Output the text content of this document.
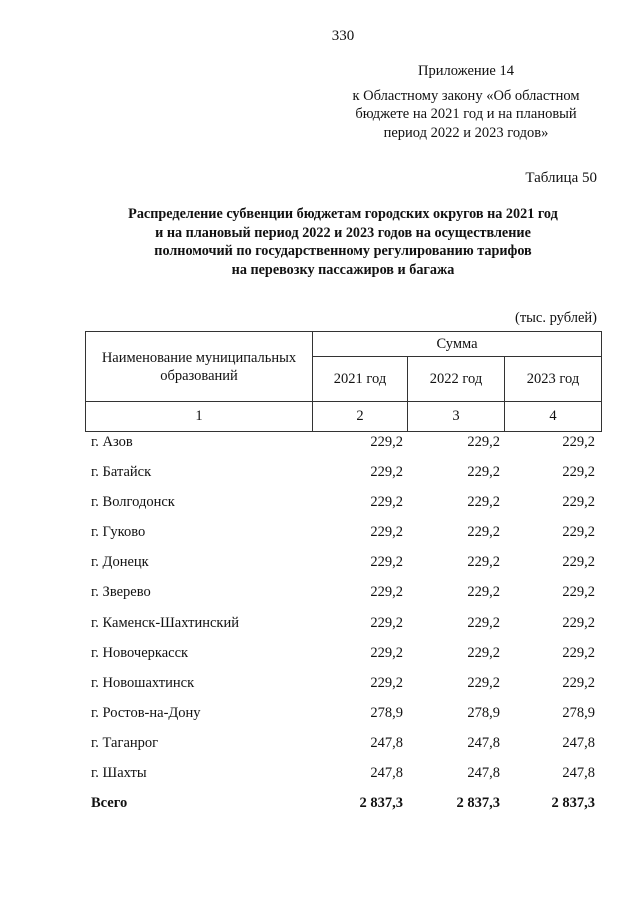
330
Приложение 14
к Областному закону «Об областном
бюджете на 2021 год и на плановый
период 2022 и 2023 годов»
Таблица 50
Распределение субвенции бюджетам городских округов на 2021 год
и на плановый период 2022 и 2023 годов на осуществление
полномочий по государственному регулированию тарифов
на перевозку пассажиров и багажа
(тыс. рублей)
Наименование муниципальных
образований	Сумма		
	2021 год	2022 год	2023 год
1	2	3	4
г. Азов	229,2	229,2	229,2
г. Батайск	229,2	229,2	229,2
г. Волгодонск	229,2	229,2	229,2
г. Гуково	229,2	229,2	229,2
г. Донецк	229,2	229,2	229,2
г. Зверево	229,2	229,2	229,2
г. Каменск-Шахтинский	229,2	229,2	229,2
г. Новочеркасск	229,2	229,2	229,2
г. Новошахтинск	229,2	229,2	229,2
г. Ростов-на-Дону	278,9	278,9	278,9
г. Таганрог	247,8	247,8	247,8
г. Шахты	247,8	247,8	247,8
Всего	2 837,3	2 837,3	2 837,3
